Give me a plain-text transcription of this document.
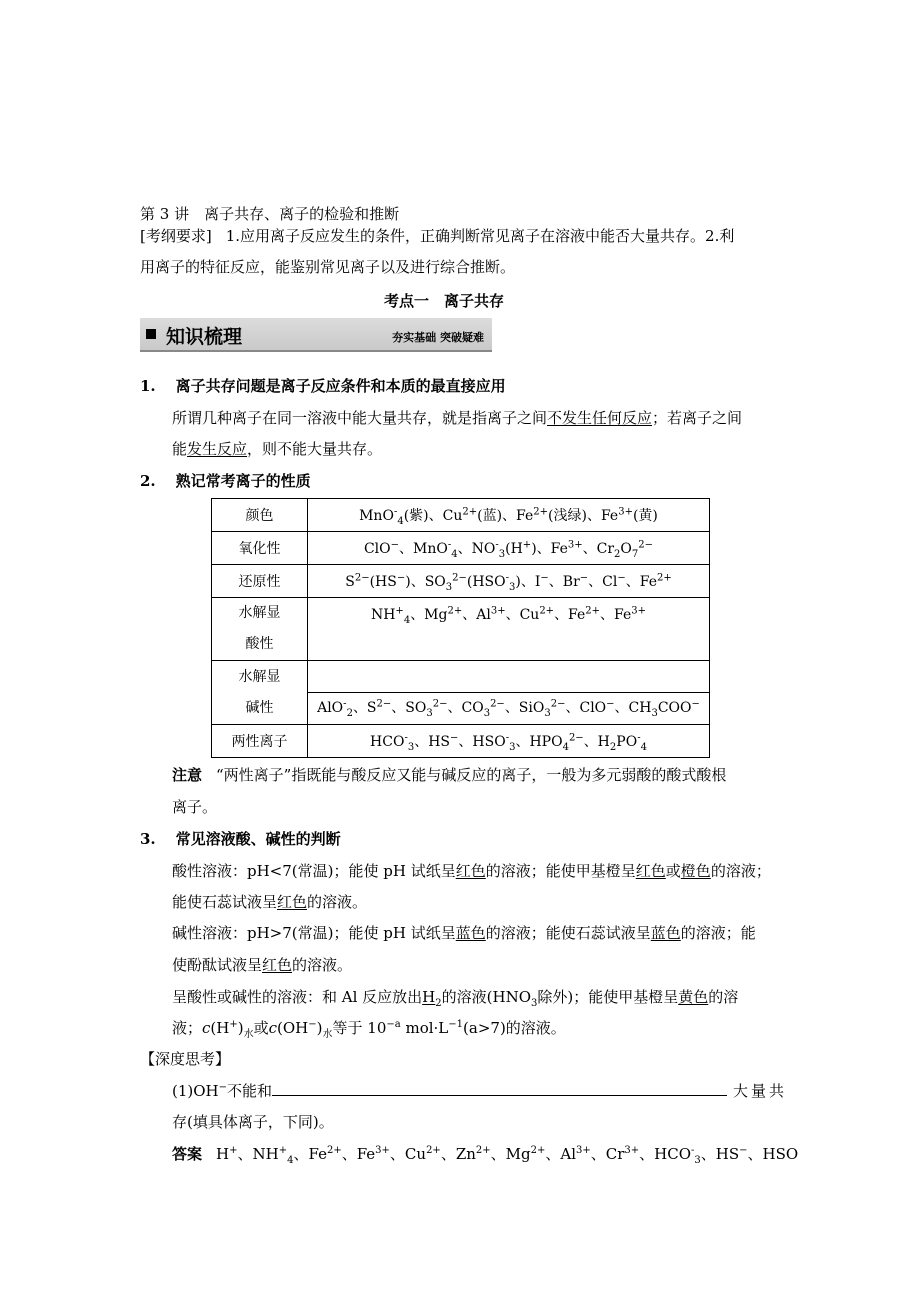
第 3 讲　离子共存、离子的检验和推断
[考纲要求] 1.应用离子反应发生的条件，正确判断常见离子在溶液中能否大量共存。2.利
用离子的特征反应，能鉴别常见离子以及进行综合推断。
考点一　离子共存
知识梳理	夯实基础 突破疑难
1. 离子共存问题是离子反应条件和本质的最直接应用
所谓几种离子在同一溶液中能大量共存，就是指离子之间不发生任何反应；若离子之间
能发生反应，则不能大量共存。
2. 熟记常考离子的性质
颜色	MnO-$_4$(紫)、$Cu^{2+}$(蓝)、$Fe^{2+}$(浅绿)、$Fe^{3+}$(黄)
氧化性	ClO−、MnO-$_4$、$NO^-_3(H^+)$、$Fe^{3+}$、$Cr_2O_7^{2-}$
还原性	$S^{2-}(HS^-)$、$SO_3^{2-}(HSO^-_3)$、I−、Br−、Cl−、$Fe^{2+}$
水解显
酸性	$NH^+_4$、$Mg^{2+}$、$Al^{3+}$、$Cu^{2+}$、$Fe^{2+}$、$Fe^{3+}$
水解显
碱性	AlO-$_2$、$S^{2-}$、$SO_3^{2-}$、$CO_3^{2-}$、SiO$_3^{2-}$、ClO−、$CH_3COO^-$

两性离子	$HCO^-_3$、HS−、$HSO^-_3$、$HPO_4^{2-}$、$H_2PO^-_4$
注意 “两性离子”指既能与酸反应又能与碱反应的离子，一般为多元弱酸的酸式酸根
离子。
3. 常见溶液酸、碱性的判断
酸性溶液：pH<7(常温)；能使 pH 试纸呈红色的溶液；能使甲基橙呈红色或橙色的溶液；
能使石蕊试液呈红色的溶液。
碱性溶液：pH>7(常温)；能使 pH 试纸呈蓝色的溶液；能使石蕊试液呈蓝色的溶液；能
使酚酞试液呈红色的溶液。
呈酸性或碱性的溶液：和 Al 反应放出$H_2$的溶液($HNO_3$除外)；能使甲基橙呈黄色的溶
液；$c(H^+)_水$或$c(OH^-)_水$等于 $10^{-a}$ $mol\cdot L^{-1}(a>7)$的溶液。
【深度思考】
(1)OH−不能和	大量共
存(填具体离子，下同)。
答案 H+、$NH^+_4$、$Fe^{2+}$、$Fe^{3+}$、$Cu^{2+}$、$Zn^{2+}$、$Mg^{2+}$、$Al^{3+}$、$Cr^{3+}$、$HCO^-_3$、HS−、HSO
